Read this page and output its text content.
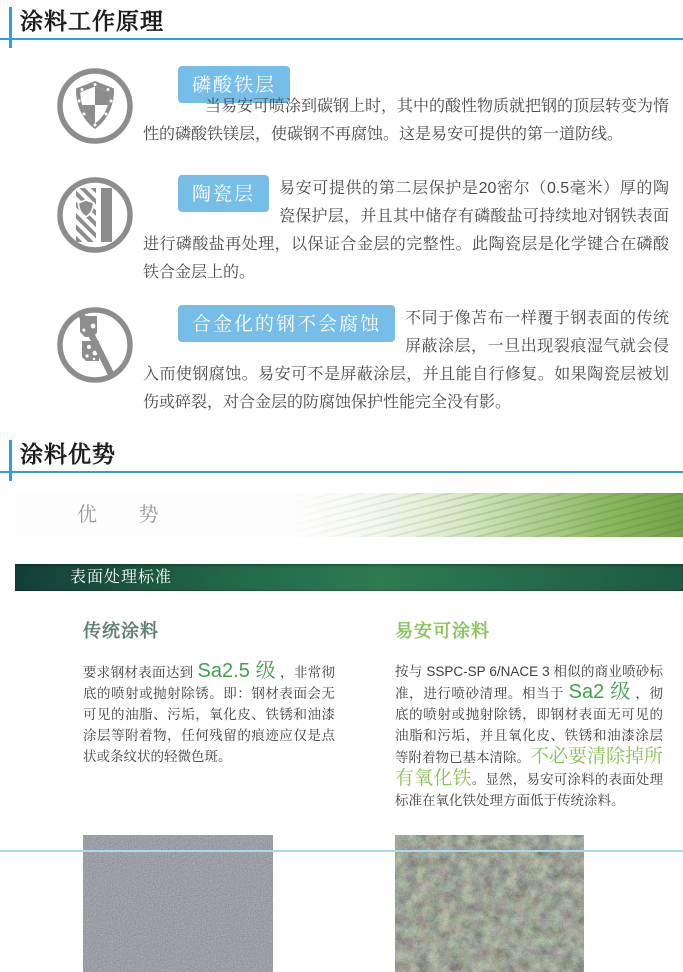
涂料工作原理
磷酸铁层

当易安可喷涂到碳钢上时，其中的酸性物质就把钢的顶层转变为惰性的磷酸铁镁层，使碳钢不再腐蚀。这是易安可提供的第一道防线。

陶瓷层	易安可提供的第二层保护是20密尔（0.5毫米）厚的陶瓷保护层，并且其中储存有磷酸盐可持续地对钢铁表面进行磷酸盐再处理，以保证合金层的完整性。此陶瓷层是化学键合在磷酸铁合金层上的。

合金化的钢不会腐蚀	不同于像苫布一样覆于钢表面的传统屏蔽涂层，一旦出现裂痕湿气就会侵入而使钢腐蚀。易安可不是屏蔽涂层，并且能自行修复。如果陶瓷层被划伤或碎裂，对合金层的防腐蚀保护性能完全没有影。

涂料优势
优 势
表面处理标准
传统涂料	易安可涂料

要求钢材表面达到 Sa2.5 级 ，非常彻底的喷射或抛射除锈。即：钢材表面会无可见的油脂、污垢，氧化皮、铁锈和油漆涂层等附着物，任何残留的痕迹应仅是点状或条纹状的轻微色斑。

按与 SSPC-SP 6/NACE 3 相似的商业喷砂标准，进行喷砂清理。相当于 Sa2 级 ，彻底的喷射或抛射除锈，即钢材表面无可见的油脂和污垢，并且氧化皮、铁锈和油漆涂层等附着物已基本清除。不必要清除掉所有氧化铁。显然，易安可涂料的表面处理标准在氧化铁处理方面低于传统涂料。
